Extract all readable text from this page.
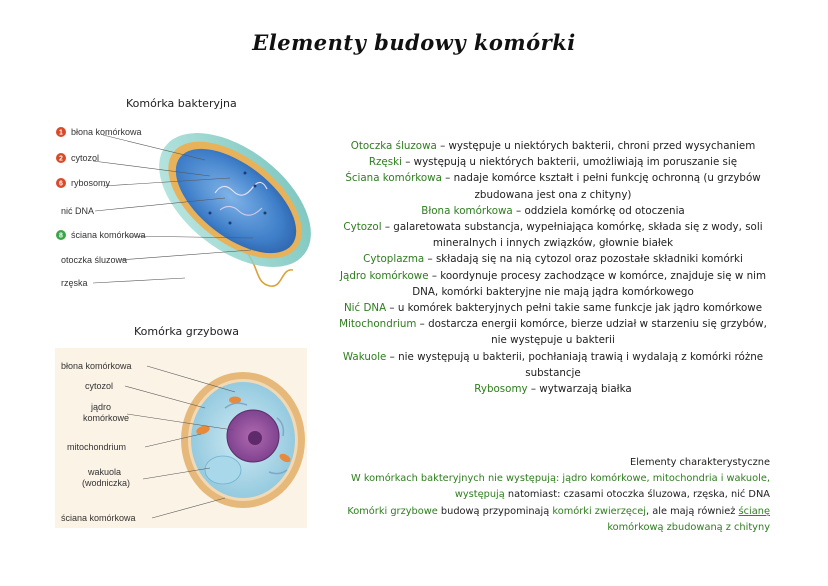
Elementy budowy komórki
Komórka bakteryjna
1
2
6
8
błona komórkowa
cytozol
rybosomy
nić DNA
ściana komórkowa
otoczka śluzowa
rzęska
Komórka grzybowa
błona komórkowa
cytozol
jądro
komórkowe
mitochondrium
wakuola
(wodniczka)
ściana komórkowa

Otoczka śluzowa – występuje u niektórych bakterii, chroni przed wysychaniem

Rzęski – występują u niektórych bakterii, umożliwiają im poruszanie się

Ściana komórkowa – nadaje komórce kształt i pełni funkcję ochronną (u grzybów zbudowana jest ona z chityny)

Błona komórkowa – oddziela komórkę od otoczenia

Cytozol – galaretowata substancja, wypełniająca komórkę, składa się z wody, soli mineralnych i innych związków, głownie białek

Cytoplazma – składają się na nią cytozol oraz pozostałe składniki komórki

Jądro komórkowe – koordynuje procesy zachodzące w komórce, znajduje się w nim DNA, komórki bakteryjne nie mają jądra komórkowego

Nić DNA – u komórek bakteryjnych pełni takie same funkcje jak jądro komórkowe

Mitochondrium – dostarcza energii komórce, bierze udział w starzeniu się grzybów, nie występuje u bakterii

Wakuole – nie występują u bakterii, pochłaniają trawią i wydalają z komórki różne substancje

Rybosomy – wytwarzają białka

Elementy charakterystyczne

W komórkach bakteryjnych nie występują: jądro komórkowe, mitochondria i wakuole,

występują natomiast: czasami otoczka śluzowa, rzęska, nić DNA

Komórki grzybowe budową przypominają komórki zwierzęcej, ale mają również ścianę

komórkową zbudowaną z chityny
